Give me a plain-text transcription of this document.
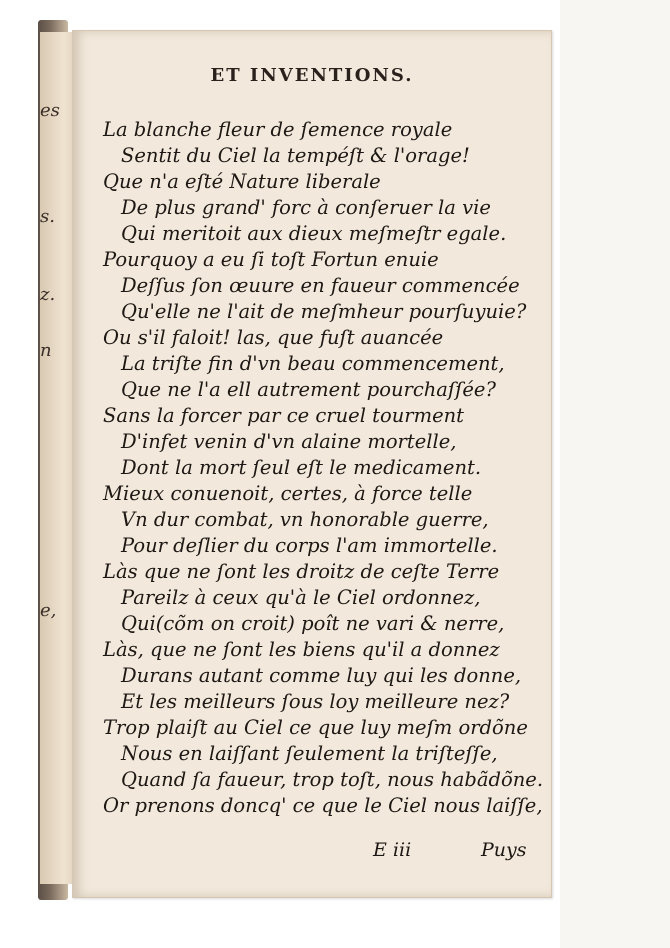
es
s.
z.
n
e,
ET INVENTIONS.
La blanche fleur de ſemence royale
Sentit du Ciel la tempéſt & l'orage!
Que n'a eſté Nature liberale
De plus grand' forc à conſeruer la vie
Qui meritoit aux dieux meſmeſtr egale.
Pourquoy a eu ſi toſt Fortun enuie
Deſſus ſon œuure en faueur commencée
Qu'elle ne l'ait de meſmheur pourſuyuie?
Ou s'il faloit! las, que fuſt auancée
La triſte fin d'vn beau commencement,
Que ne l'a ell autrement pourchaſſée?
Sans la forcer par ce cruel tourment
D'infet venin d'vn alaine mortelle,
Dont la mort ſeul eſt le medicament.
Mieux conuenoit, certes, à force telle
Vn dur combat, vn honorable guerre,
Pour deſlier du corps l'am immortelle.
Làs que ne ſont les droitz de ceſte Terre
Pareilz à ceux qu'à le Ciel ordonnez,
Qui(cõm on croit) poît ne vari & nerre,
Làs, que ne ſont les biens qu'il a donnez
Durans autant comme luy qui les donne,
Et les meilleurs ſous loy meilleure nez?
Trop plaiſt au Ciel ce que luy meſm ordõne
Nous en laiſſant ſeulement la triſteſſe,
Quand ſa faueur, trop toſt, nous habãdõne.
Or prenons doncq' ce que le Ciel nous laiſſe,
E iii	Puys
